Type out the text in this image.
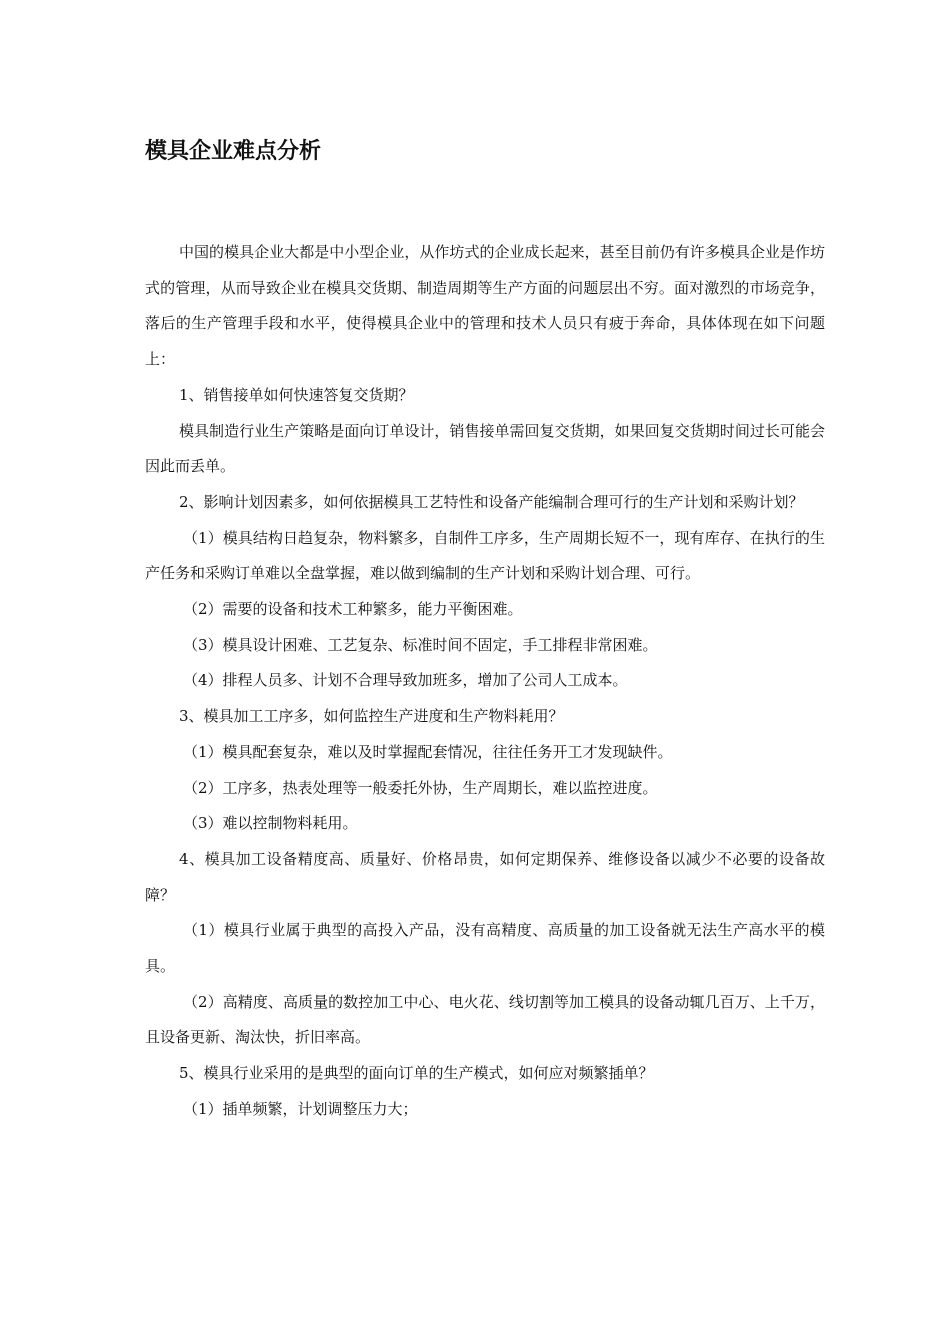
模具企业难点分析

中国的模具企业大都是中小型企业，从作坊式的企业成长起来，甚至目前仍有许多模具企业是作坊式的管理，从而导致企业在模具交货期、制造周期等生产方面的问题层出不穷。面对激烈的市场竞争，落后的生产管理手段和水平，使得模具企业中的管理和技术人员只有疲于奔命，具体体现在如下问题上：

1、销售接单如何快速答复交货期？

模具制造行业生产策略是面向订单设计，销售接单需回复交货期，如果回复交货期时间过长可能会因此而丢单。

2、影响计划因素多，如何依据模具工艺特性和设备产能编制合理可行的生产计划和采购计划？

（1）模具结构日趋复杂，物料繁多，自制件工序多，生产周期长短不一，现有库存、在执行的生产任务和采购订单难以全盘掌握，难以做到编制的生产计划和采购计划合理、可行。

（2）需要的设备和技术工种繁多，能力平衡困难。

（3）模具设计困难、工艺复杂、标准时间不固定，手工排程非常困难。

（4）排程人员多、计划不合理导致加班多，增加了公司人工成本。

3、模具加工工序多，如何监控生产进度和生产物料耗用？

（1）模具配套复杂，难以及时掌握配套情况，往往任务开工才发现缺件。

（2）工序多，热表处理等一般委托外协，生产周期长，难以监控进度。

（3）难以控制物料耗用。

4、模具加工设备精度高、质量好、价格昂贵，如何定期保养、维修设备以减少不必要的设备故障？

（1）模具行业属于典型的高投入产品，没有高精度、高质量的加工设备就无法生产高水平的模具。

（2）高精度、高质量的数控加工中心、电火花、线切割等加工模具的设备动辄几百万、上千万，且设备更新、淘汰快，折旧率高。

5、模具行业采用的是典型的面向订单的生产模式，如何应对频繁插单？

（1）插单频繁，计划调整压力大；
